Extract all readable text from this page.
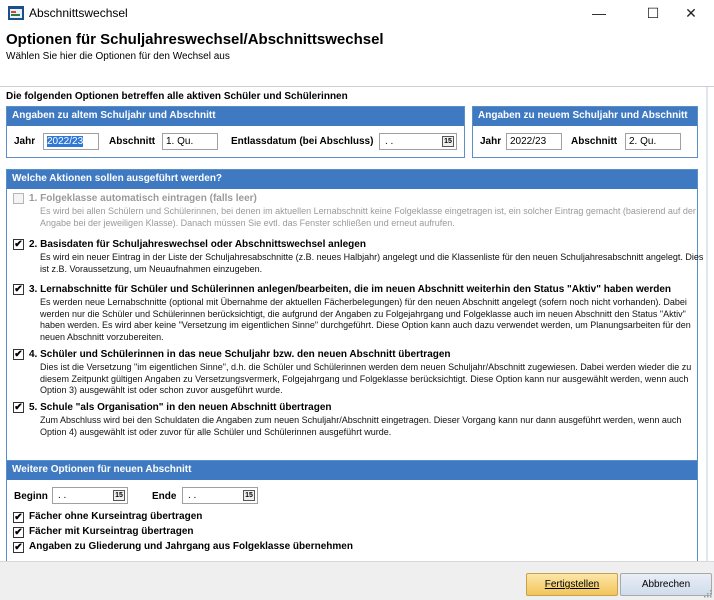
Abschnittswechsel	—	☐	✕
Optionen für Schuljahreswechsel/Abschnittswechsel
Wählen Sie hier die Optionen für den Wechsel aus
Die folgenden Optionen betreffen alle aktiven Schüler und Schülerinnen
Angaben zu altem Schuljahr und Abschnitt
Jahr	2022/23	Abschnitt	1. Qu.	Entlassdatum (bei Abschluss) . .	15
Angaben zu neuem Schuljahr und Abschnitt
Jahr 2022/23	Abschnitt	2. Qu.
Welche Aktionen sollen ausgeführt werden?
1. Folgeklasse automatisch eintragen (falls leer)
Es wird bei allen Schülern und Schülerinnen, bei denen im aktuellen Lernabschnitt keine Folgeklasse eingetragen ist, ein solcher Eintrag gemacht (basierend auf der Angabe bei der jeweiligen Klasse). Danach müssen Sie evtl. das Fenster schließen und erneut aufrufen.
✔ 2. Basisdaten für Schuljahreswechsel oder Abschnittswechsel anlegen
Es wird ein neuer Eintrag in der Liste der Schuljahresabschnitte (z.B. neues Halbjahr) angelegt und die Klassenliste für den neuen Schuljahresabschnitt angelegt. Dies ist z.B. Voraussetzung, um Neuaufnahmen einzugeben.
✔ 3. Lernabschnitte für Schüler und Schülerinnen anlegen/bearbeiten, die im neuen Abschnitt weiterhin den Status "Aktiv" haben werden
Es werden neue Lernabschnitte (optional mit Übernahme der aktuellen Fächerbelegungen) für den neuen Abschnitt angelegt (sofern noch nicht vorhanden). Dabei werden nur die Schüler und Schülerinnen berücksichtigt, die aufgrund der Angaben zu Folgejahrgang und Folgeklasse auch im neuen Abschnitt den Status "Aktiv" haben werden. Es wird aber keine "Versetzung im eigentlichen Sinne" durchgeführt. Diese Option kann auch dazu verwendet werden, um Planungsarbeiten für den neuen Abschnitt vorzubereiten.
✔ 4. Schüler und Schülerinnen in das neue Schuljahr bzw. den neuen Abschnitt übertragen
Dies ist die Versetzung "im eigentlichen Sinne", d.h. die Schüler und Schülerinnen werden dem neuen Schuljahr/Abschnitt zugewiesen. Dabei werden wieder die zu diesem Zeitpunkt gültigen Angaben zu Versetzungsvermerk, Folgejahrgang und Folgeklasse berücksichtigt. Diese Option kann nur ausgewählt werden, wenn auch Option 3) ausgewählt ist oder schon zuvor ausgeführt wurde.
✔ 5. Schule "als Organisation" in den neuen Abschnitt übertragen
Zum Abschluss wird bei den Schuldaten die Angaben zum neuen Schuljahr/Abschnitt eingetragen. Dieser Vorgang kann nur dann ausgeführt werden, wenn auch Option 4) ausgewählt ist oder zuvor für alle Schüler und Schülerinnen ausgeführt wurde.
Weitere Optionen für neuen Abschnitt
Beginn . .	15	Ende . .	15
✔ Fächer ohne Kurseintrag übertragen
✔ Fächer mit Kurseintrag übertragen
✔ Angaben zu Gliederung und Jahrgang aus Folgeklasse übernehmen
Fertigstellen	Abbrechen
